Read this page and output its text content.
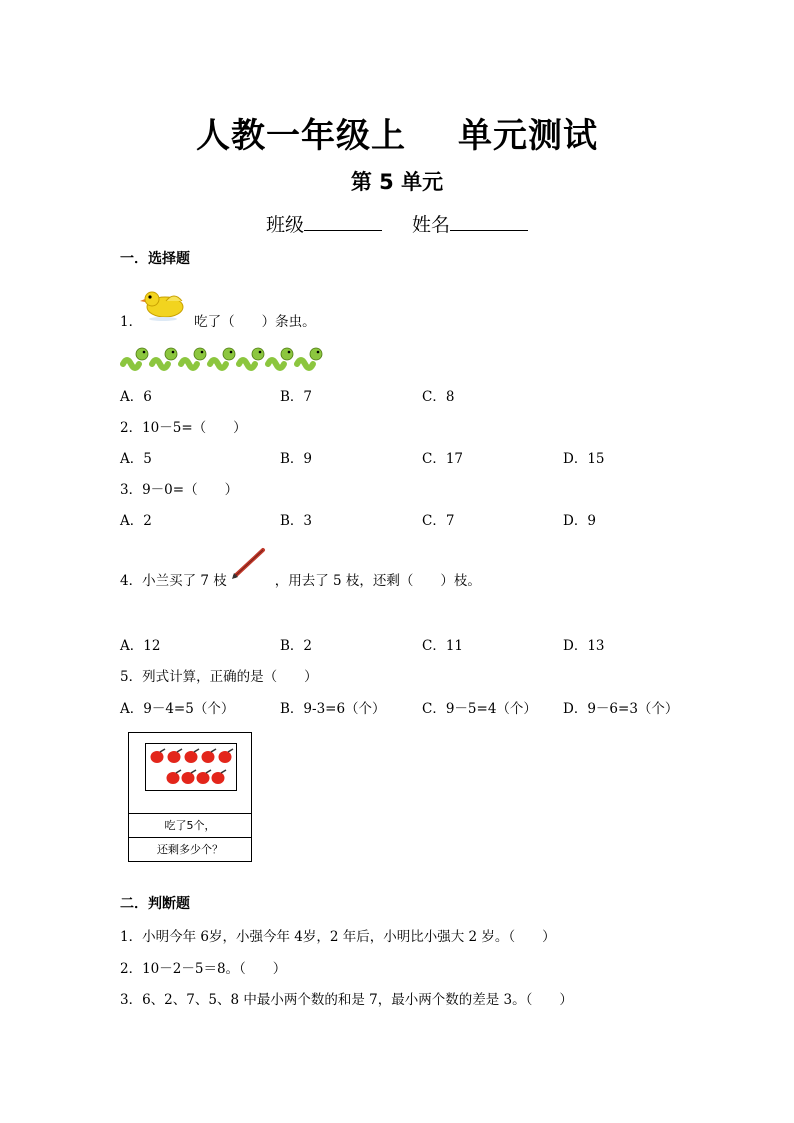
人教一年级上 单元测试
第 5 单元
班级	姓名
一．选择题
1．	吃了（　　）条虫。
A．6	B．7	C．8
2．10－5=（　　）
A．5	B．9	C．17	D．15
3．9－0=（　　）
A．2	B．3	C．7	D．9
4．小兰买了 7 枝	，用去了 5 枝，还剩（　　）枝。
A．12	B．2	C．11	D．13
5．列式计算，正确的是（　　）
A．9－4=5（个）	B．9-3=6（个）	C．9－5=4（个） D．9－6=3（个）
吃了5个，
还剩多少个？
二．判断题
1．小明今年 6岁，小强今年 4岁，2 年后，小明比小强大 2 岁。（　　）
2．10－2－5＝8。（　　）
3．6、2、7、5、8 中最小两个数的和是 7，最小两个数的差是 3。（　　）
